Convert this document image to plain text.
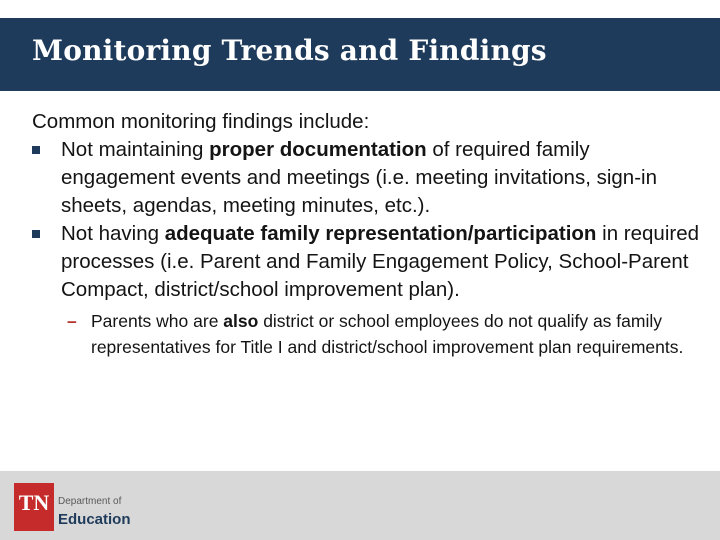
Monitoring Trends and Findings

Common monitoring findings include:

Not maintaining proper documentation of required family engagement events and meetings (i.e. meeting invitations, sign-in sheets, agendas, meeting minutes, etc.).
Not having adequate family representation/participation in required processes (i.e. Parent and Family Engagement Policy, School-Parent Compact, district/school improvement plan).
– Parents who are also district or school employees do not qualify as family representatives for Title I and district/school improvement plan requirements.
TN Department of
Education
